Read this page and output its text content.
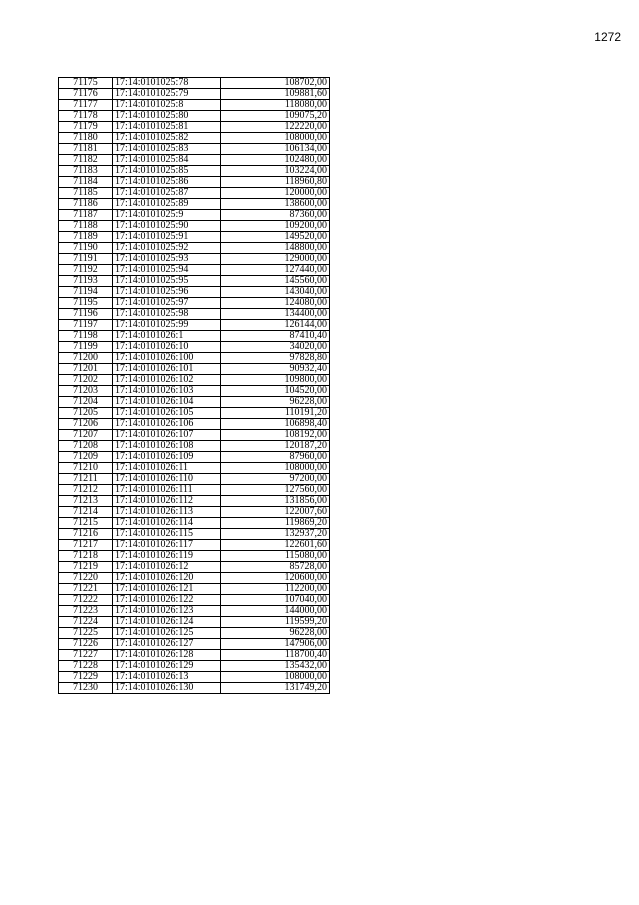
1272
71175	17:14:0101025:78	108702,00
71176	17:14:0101025:79	109881,60
71177	17:14:0101025:8	118080,00
71178	17:14:0101025:80	109075,20
71179	17:14:0101025:81	122220,00
71180	17:14:0101025:82	108000,00
71181	17:14:0101025:83	106134,00
71182	17:14:0101025:84	102480,00
71183	17:14:0101025:85	103224,00
71184	17:14:0101025:86	118960,80
71185	17:14:0101025:87	120000,00
71186	17:14:0101025:89	138600,00
71187	17:14:0101025:9	87360,00
71188	17:14:0101025:90	109200,00
71189	17:14:0101025:91	149520,00
71190	17:14:0101025:92	148800,00
71191	17:14:0101025:93	129000,00
71192	17:14:0101025:94	127440,00
71193	17:14:0101025:95	145560,00
71194	17:14:0101025:96	143040,00
71195	17:14:0101025:97	124080,00
71196	17:14:0101025:98	134400,00
71197	17:14:0101025:99	126144,00
71198	17:14:0101026:1	87410,40
71199	17:14:0101026:10	34020,00
71200	17:14:0101026:100	97828,80
71201	17:14:0101026:101	90932,40
71202	17:14:0101026:102	109800,00
71203	17:14:0101026:103	104520,00
71204	17:14:0101026:104	96228,00
71205	17:14:0101026:105	110191,20
71206	17:14:0101026:106	106898,40
71207	17:14:0101026:107	108192,00
71208	17:14:0101026:108	120187,20
71209	17:14:0101026:109	87960,00
71210	17:14:0101026:11	108000,00
71211	17:14:0101026:110	97200,00
71212	17:14:0101026:111	127560,00
71213	17:14:0101026:112	131856,00
71214	17:14:0101026:113	122007,60
71215	17:14:0101026:114	119869,20
71216	17:14:0101026:115	132937,20
71217	17:14:0101026:117	122601,60
71218	17:14:0101026:119	115080,00
71219	17:14:0101026:12	85728,00
71220	17:14:0101026:120	120600,00
71221	17:14:0101026:121	112200,00
71222	17:14:0101026:122	107040,00
71223	17:14:0101026:123	144000,00
71224	17:14:0101026:124	119599,20
71225	17:14:0101026:125	96228,00
71226	17:14:0101026:127	147906,00
71227	17:14:0101026:128	118700,40
71228	17:14:0101026:129	135432,00
71229	17:14:0101026:13	108000,00
71230	17:14:0101026:130	131749,20
